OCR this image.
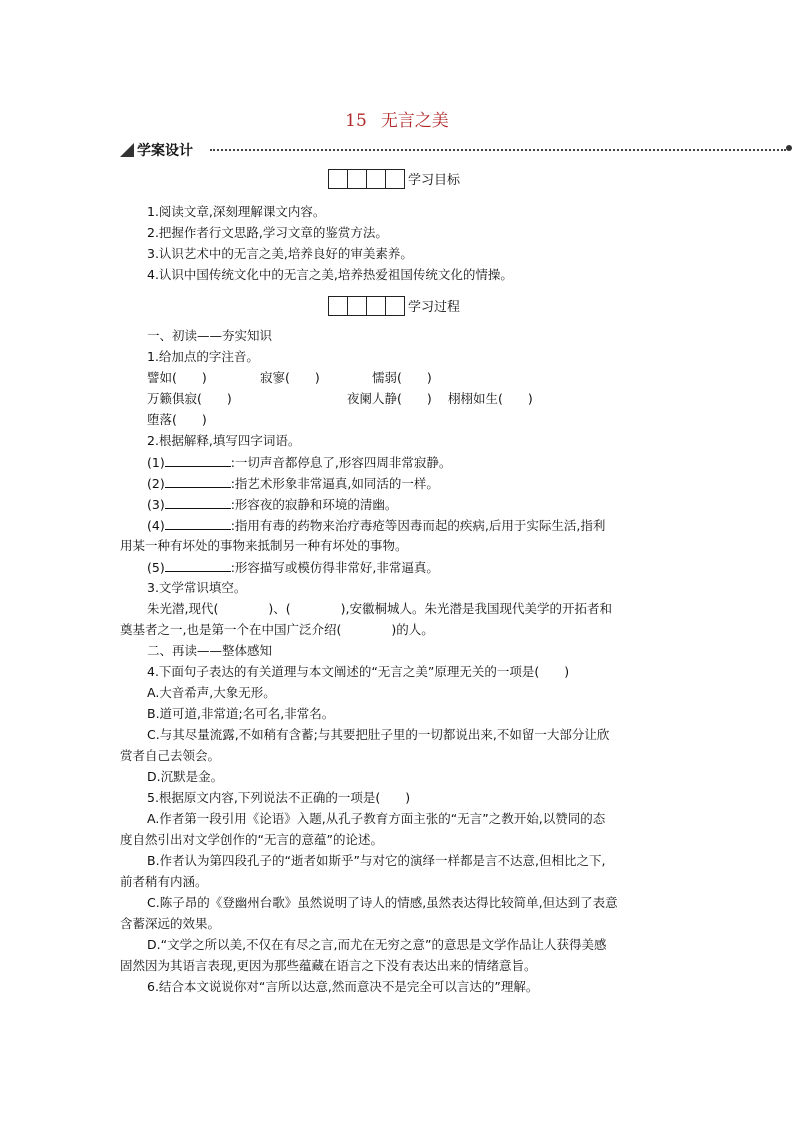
15 无言之美
学案设计
学习目标
1.阅读文章,深刻理解课文内容。
2.把握作者行文思路,学习文章的鉴赏方法。
3.认识艺术中的无言之美,培养良好的审美素养。
4.认识中国传统文化中的无言之美,培养热爱祖国传统文化的情操。
学习过程
一、初读——夯实知识
1.给加点的字注音。
譬如(　　)	寂寥(　　)	懦弱(　　)
万籁俱寂(　　)	夜阑人静(　　) 栩栩如生(　　)
堕落(　　)
2.根据解释,填写四字词语。
(1)	:一切声音都停息了,形容四周非常寂静。
(2)	:指艺术形象非常逼真,如同活的一样。
(3)	:形容夜的寂静和环境的清幽。
(4)	:指用有毒的药物来治疗毒疮等因毒而起的疾病,后用于实际生活,指利
用某一种有坏处的事物来抵制另一种有坏处的事物。
(5)	:形容描写或模仿得非常好,非常逼真。
3.文学常识填空。
朱光潜,现代(　　　　)、(　　　　),安徽桐城人。朱光潜是我国现代美学的开拓者和
奠基者之一,也是第一个在中国广泛介绍(　　　　)的人。
二、再读——整体感知
4.下面句子表达的有关道理与本文阐述的“无言之美”原理无关的一项是(　　)
A.大音希声,大象无形。
B.道可道,非常道;名可名,非常名。
C.与其尽量流露,不如稍有含蓄;与其要把肚子里的一切都说出来,不如留一大部分让欣
赏者自己去领会。
D.沉默是金。
5.根据原文内容,下列说法不正确的一项是(　　)
A.作者第一段引用《论语》入题,从孔子教育方面主张的“无言”之教开始,以赞同的态
度自然引出对文学创作的“无言的意蕴”的论述。
B.作者认为第四段孔子的“逝者如斯乎”与对它的演绎一样都是言不达意,但相比之下,
前者稍有内涵。
C.陈子昂的《登幽州台歌》虽然说明了诗人的情感,虽然表达得比较简单,但达到了表意
含蓄深远的效果。
D.“文学之所以美,不仅在有尽之言,而尤在无穷之意”的意思是文学作品让人获得美感
固然因为其语言表现,更因为那些蕴藏在语言之下没有表达出来的情绪意旨。
6.结合本文说说你对“言所以达意,然而意决不是完全可以言达的”理解。
